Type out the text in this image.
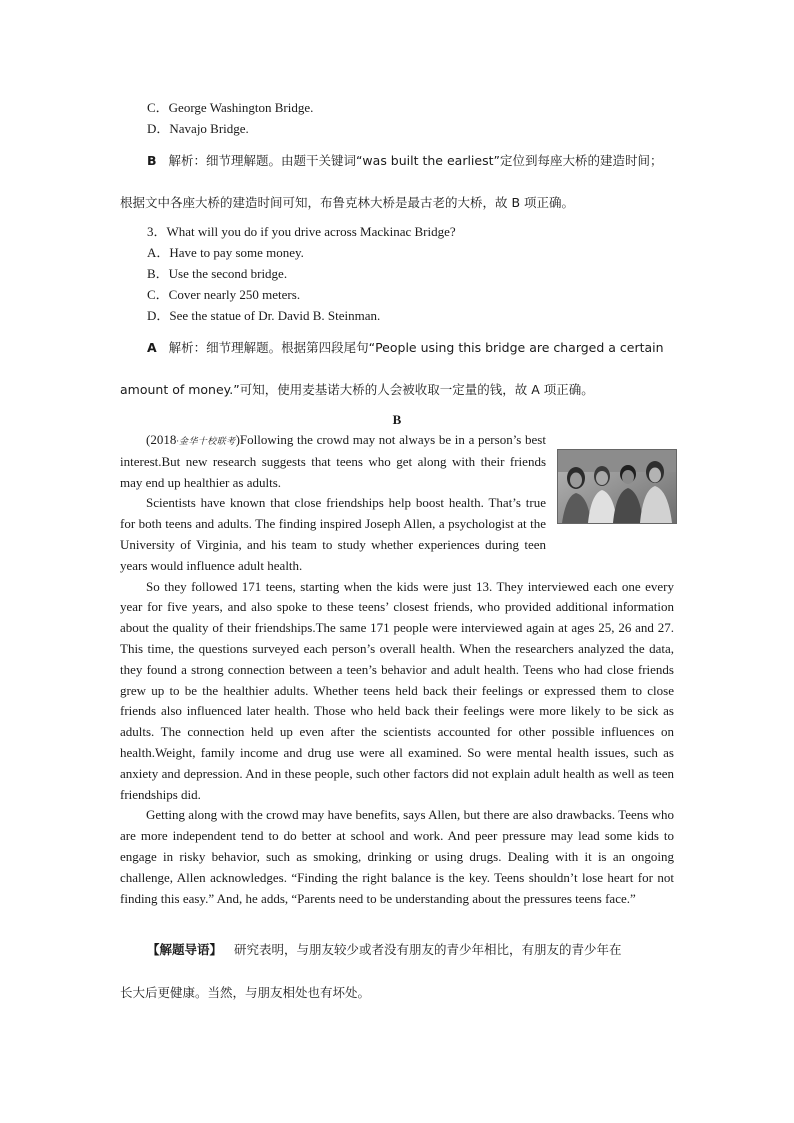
C．George Washington Bridge.
D．Navajo Bridge.
B 解析：细节理解题。由题干关键词“was built the earliest”定位到每座大桥的建造时间；
根据文中各座大桥的建造时间可知，布鲁克林大桥是最古老的大桥，故 B 项正确。
3．What will you do if you drive across Mackinac Bridge?
A．Have to pay some money.
B．Use the second bridge.
C．Cover nearly 250 meters.
D．See the statue of Dr. David B. Steinman.
A 解析：细节理解题。根据第四段尾句“People using this bridge are charged a certain
amount of money.”可知，使用麦基诺大桥的人会被收取一定量的钱，故 A 项正确。
B

(2018·金华十校联考)Following the crowd may not always be in a person’s best interest.But new research suggests that teens who get along with their friends may end up healthier as adults.

Scientists have known that close friendships help boost health. That’s true for both teens and adults. The finding inspired Joseph Allen, a psychologist at the University of Virginia, and his team to study whether experiences during teen years would influence adult health.

So they followed 171 teens, starting when the kids were just 13. They interviewed each one every year for five years, and also spoke to these teens’ closest friends, who provided additional information about the quality of their friendships.The same 171 people were interviewed again at ages 25, 26 and 27. This time, the questions surveyed each person’s overall health. When the researchers analyzed the data, they found a strong connection between a teen’s behavior and adult health. Teens who had close friends grew up to be the healthier adults. Whether teens held back their feelings or expressed them to close friends also influenced later health. Those who held back their feelings were more likely to be sick as adults. The connection held up even after the scientists accounted for other possible influences on health.Weight, family income and drug use were all examined. So were mental health issues, such as anxiety and depression. And in these people, such other factors did not explain adult health as well as teen friendships did.

Getting along with the crowd may have benefits, says Allen, but there are also drawbacks. Teens who are more independent tend to do better at school and work. And peer pressure may lead some kids to engage in risky behavior, such as smoking, drinking or using drugs. Dealing with it is an ongoing challenge, Allen acknowledges. “Finding the right balance is the key. Teens shouldn’t lose heart for not finding this easy.” And, he adds, “Parents need to be understanding about the pressures teens face.”

【解题导语】 研究表明，与朋友较少或者没有朋友的青少年相比，有朋友的青少年在
长大后更健康。当然，与朋友相处也有坏处。
